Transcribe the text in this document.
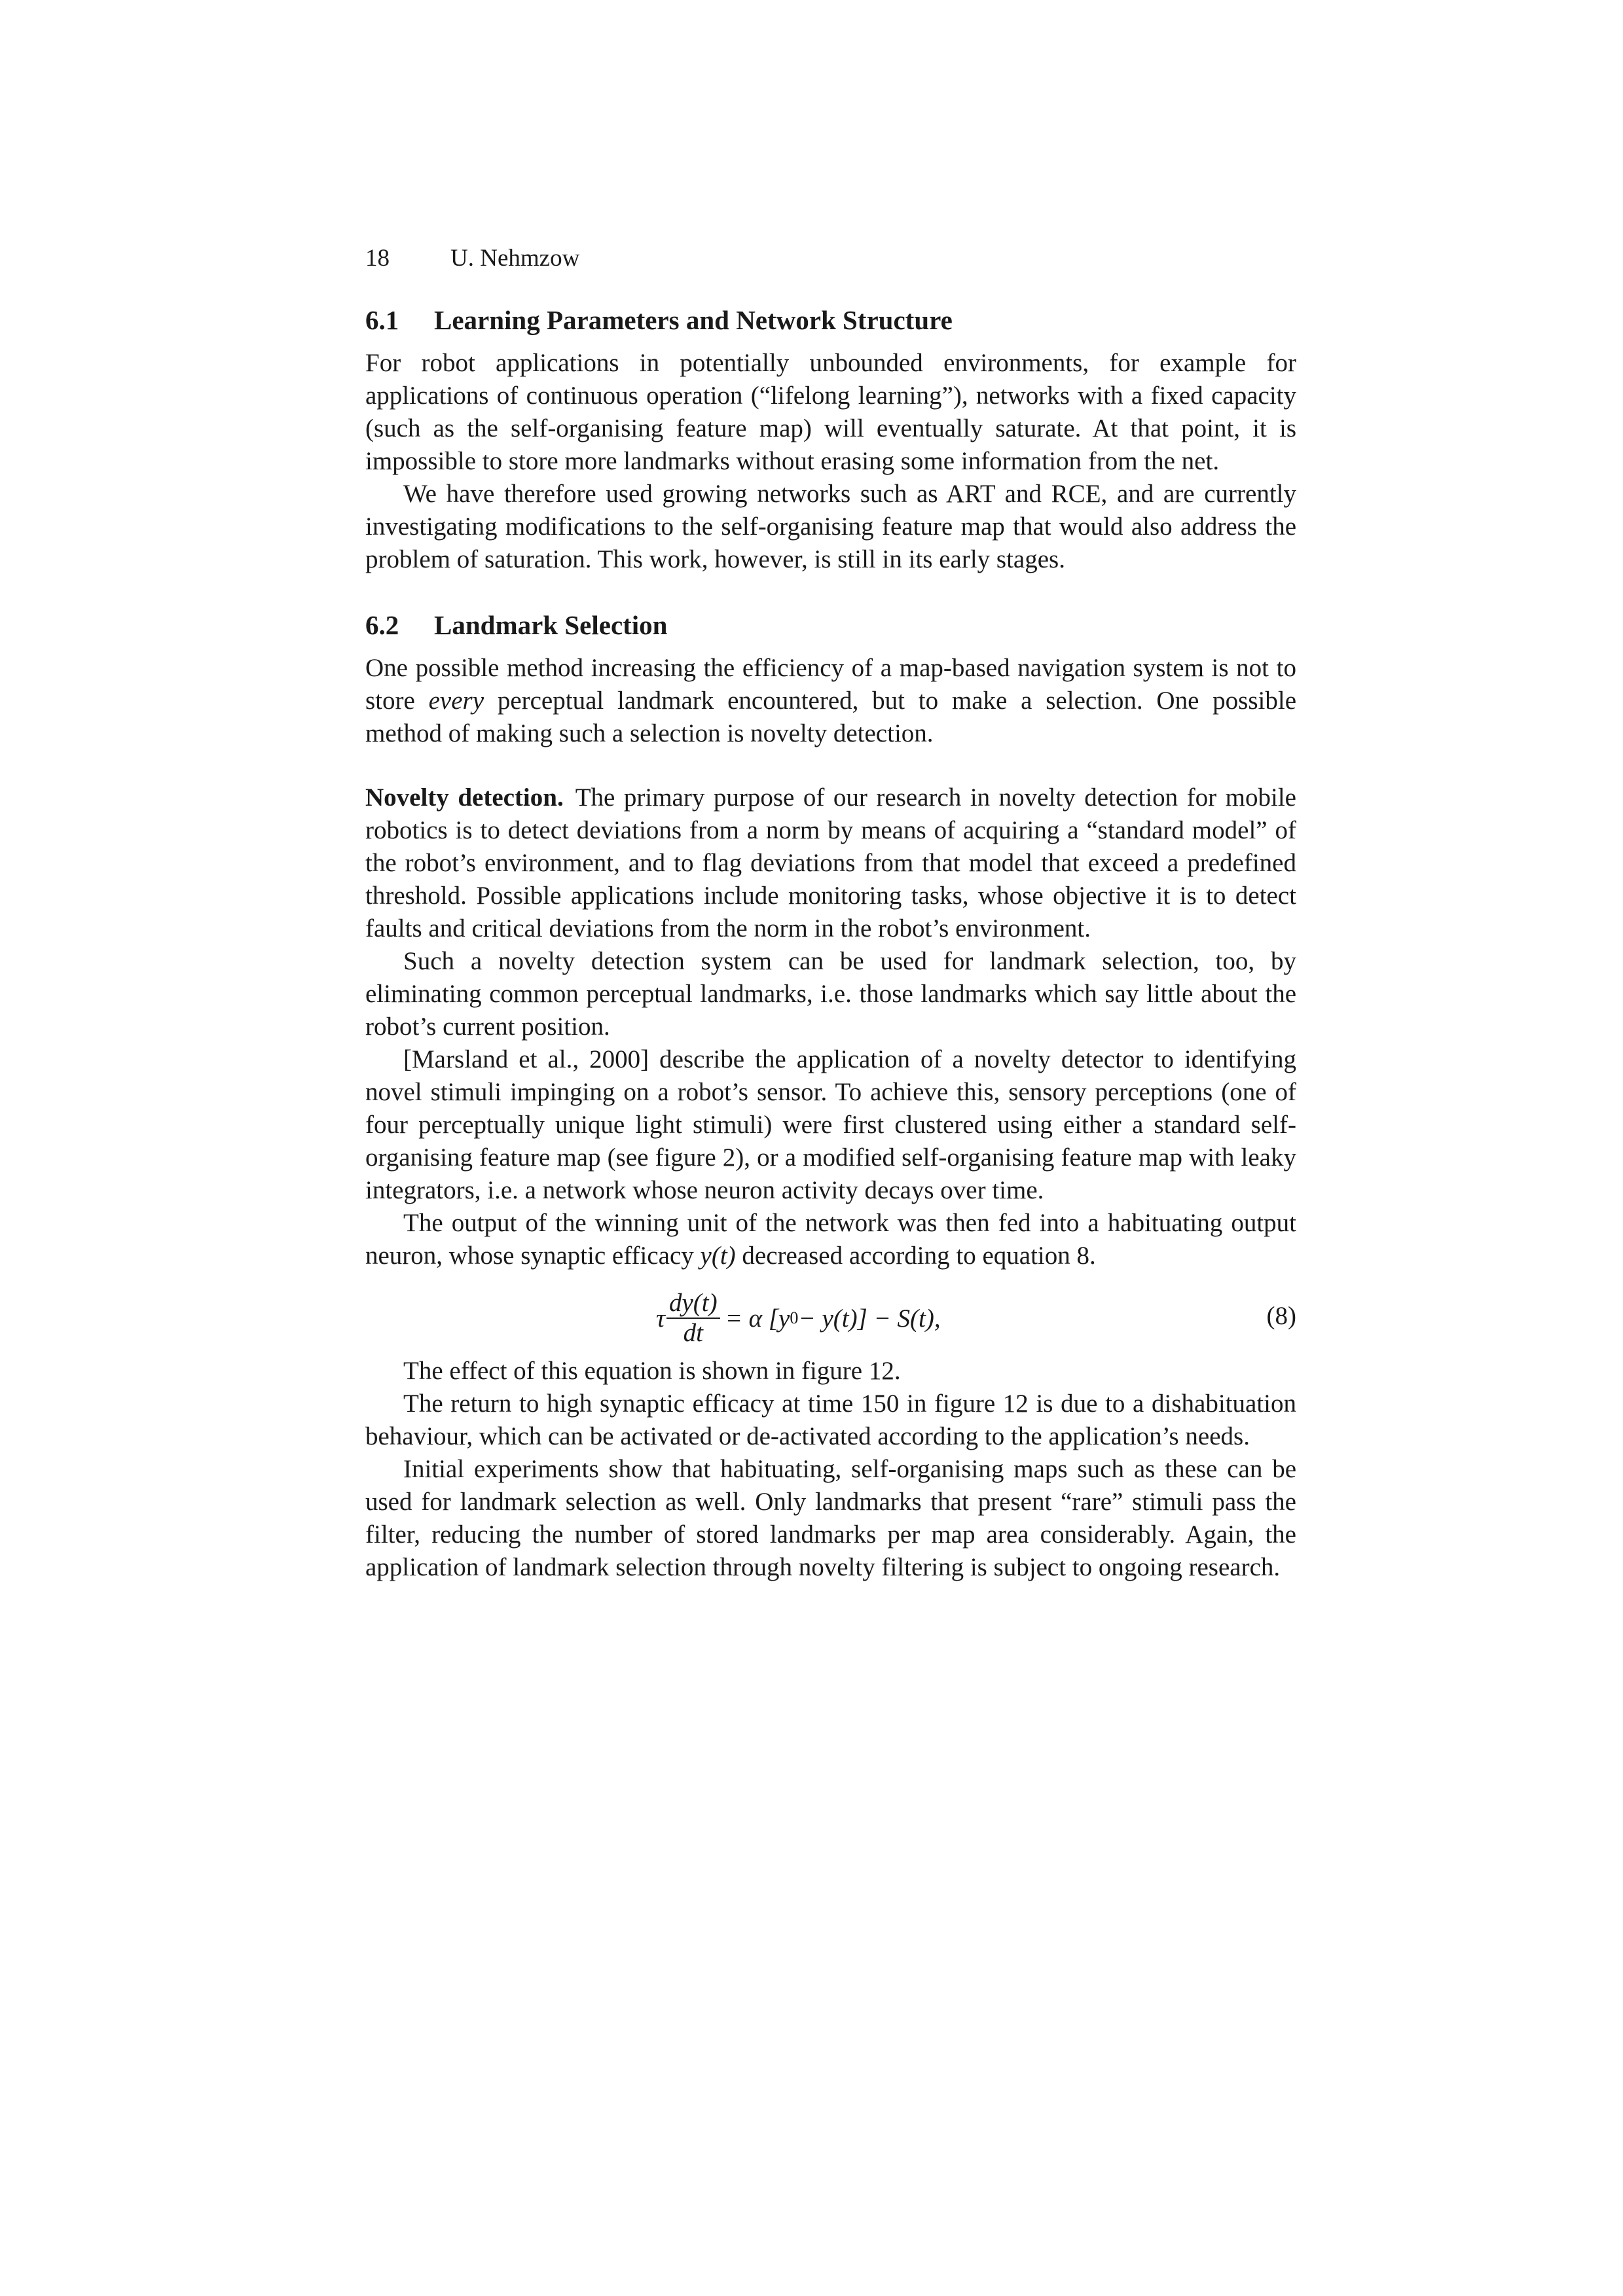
18	U. Nehmzow
6.1 Learning Parameters and Network Structure

For robot applications in potentially unbounded environments, for example for applications of continuous operation (“lifelong learning”), networks with a fixed capacity (such as the self-organising feature map) will eventually saturate. At that point, it is impossible to store more landmarks without erasing some information from the net.

We have therefore used growing networks such as ART and RCE, and are currently investigating modifications to the self-organising feature map that would also address the problem of saturation. This work, however, is still in its early stages.

6.2 Landmark Selection

One possible method increasing the efficiency of a map-based navigation system is not to store every perceptual landmark encountered, but to make a selection. One possible method of making such a selection is novelty detection.

Novelty detection. The primary purpose of our research in novelty detection for mobile robotics is to detect deviations from a norm by means of acquiring a “standard model” of the robot’s environment, and to flag deviations from that model that exceed a predefined threshold. Possible applications include monitoring tasks, whose objective it is to detect faults and critical deviations from the norm in the robot’s environment.

Such a novelty detection system can be used for landmark selection, too, by eliminating common perceptual landmarks, i.e. those landmarks which say little about the robot’s current position.

[Marsland et al., 2000] describe the application of a novelty detector to identifying novel stimuli impinging on a robot’s sensor. To achieve this, sensory perceptions (one of four perceptually unique light stimuli) were first clustered using either a standard self-organising feature map (see figure 2), or a modified self-organising feature map with leaky integrators, i.e. a network whose neuron activity decays over time.

The output of the winning unit of the network was then fed into a habituating output neuron, whose synaptic efficacy y(t) decreased according to equation 8.

τ $\frac{dy(t)}{dt} = \alpha$ [y 0 − y(t)] − S(t),	(8)

The effect of this equation is shown in figure 12.

The return to high synaptic efficacy at time 150 in figure 12 is due to a dishabituation behaviour, which can be activated or de-activated according to the application’s needs.

Initial experiments show that habituating, self-organising maps such as these can be used for landmark selection as well. Only landmarks that present “rare” stimuli pass the filter, reducing the number of stored landmarks per map area considerably. Again, the application of landmark selection through novelty filtering is subject to ongoing research.
